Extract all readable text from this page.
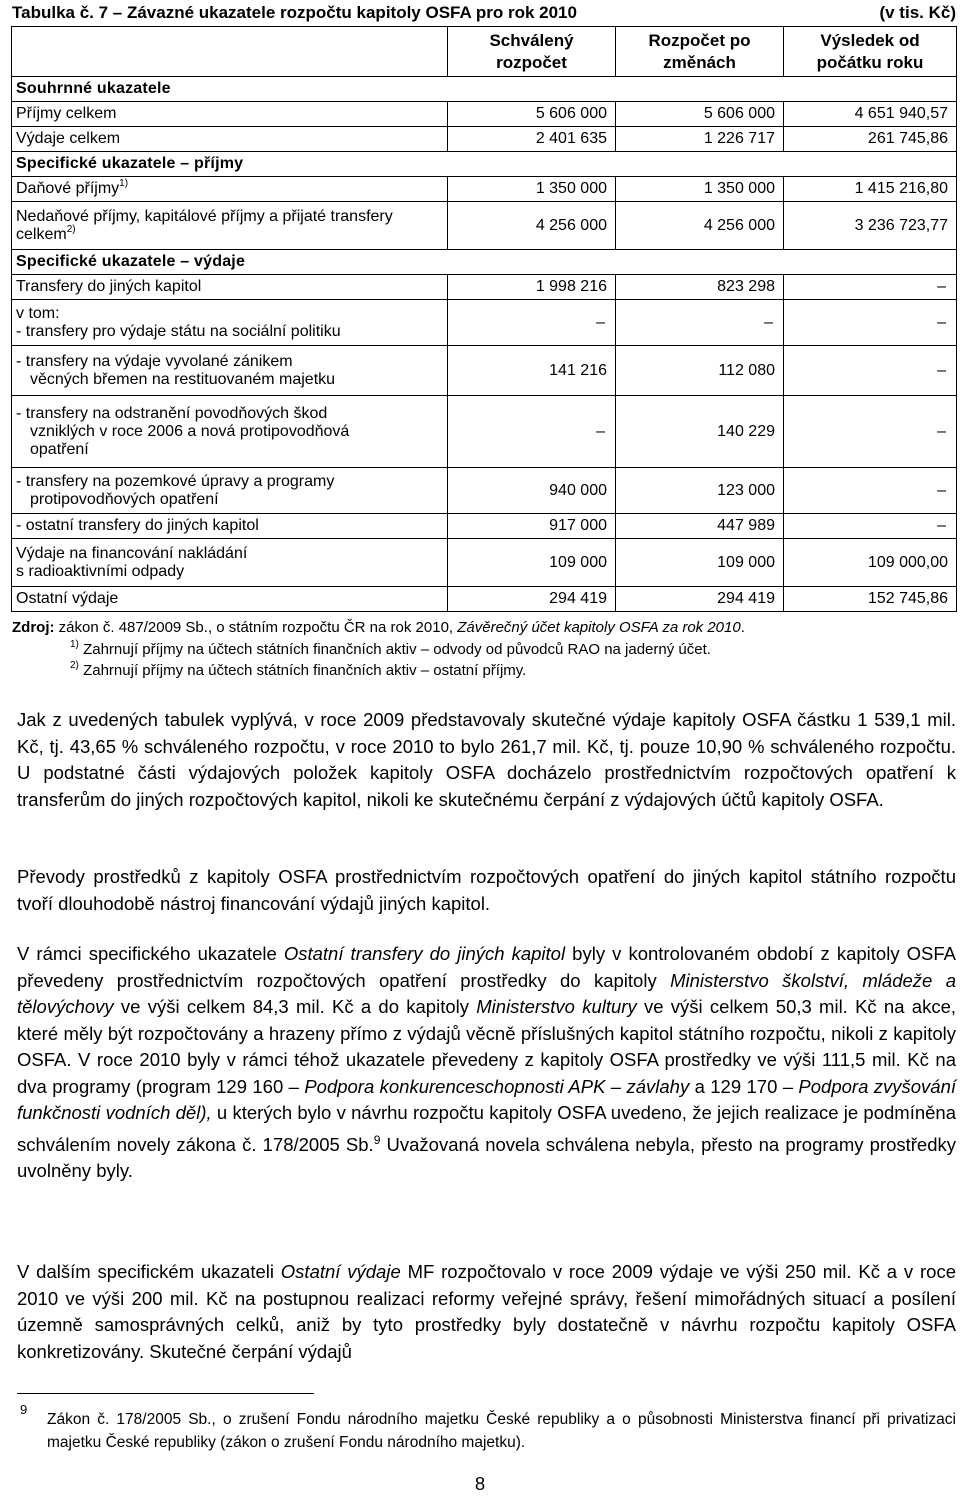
Tabulka č. 7 – Závazné ukazatele rozpočtu kapitoly OSFA pro rok 2010	(v tis. Kč)
	Schválený rozpočet	Rozpočet po změnách	Výsledek od počátku roku
Souhrnné ukazatele			
Příjmy celkem	5 606 000	5 606 000	4 651 940,57
Výdaje celkem	2 401 635	1 226 717	261 745,86
Specifické ukazatele – příjmy			
Daňové příjmy$^{1)}$	1 350 000	1 350 000	1 415 216,80
Nedaňové příjmy, kapitálové příjmy a přijaté transfery celkem$^{2)}$	4 256 000	4 256 000	3 236 723,77
Specifické ukazatele – výdaje			
Transfery do jiných kapitol	1 998 216	823 298	–

v tom:
- transfery pro výdaje státu na sociální politiku	–	–	–

- transfery na výdaje vyvolané zánikem
věcných břemen na restituovaném majetku	141 216	112 080	–

- transfery na odstranění povodňových škod
vzniklých v roce 2006 a nová protipovodňová
opatření	–	140 229	–

- transfery na pozemkové úpravy a programy
protipovodňových opatření	940 000	123 000	–
- ostatní transfery do jiných kapitol	917 000	447 989	–

Výdaje na financování nakládání
s radioaktivními odpady	109 000	109 000	109 000,00
Ostatní výdaje	294 419	294 419	152 745,86
Zdroj: zákon č. 487/2009 Sb., o státním rozpočtu ČR na rok 2010, Závěrečný účet kapitoly OSFA za rok 2010.
$^{1)}$ Zahrnují příjmy na účtech státních finančních aktiv – odvody od původců RAO na jaderný účet.
$^{2)}$ Zahrnují příjmy na účtech státních finančních aktiv – ostatní příjmy.
Jak z uvedených tabulek vyplývá, v roce 2009 představovaly skutečné výdaje kapitoly OSFA částku 1 539,1 mil. Kč, tj. 43,65 % schváleného rozpočtu, v roce 2010 to bylo 261,7 mil. Kč, tj. pouze 10,90 % schváleného rozpočtu. U podstatné části výdajových položek kapitoly OSFA docházelo prostřednictvím rozpočtových opatření k transferům do jiných rozpočtových kapitol, nikoli ke skutečnému čerpání z výdajových účtů kapitoly OSFA.
Převody prostředků z kapitoly OSFA prostřednictvím rozpočtových opatření do jiných kapitol státního rozpočtu tvoří dlouhodobě nástroj financování výdajů jiných kapitol.
V rámci specifického ukazatele Ostatní transfery do jiných kapitol byly v kontrolovaném období z kapitoly OSFA převedeny prostřednictvím rozpočtových opatření prostředky do kapitoly Ministerstvo školství, mládeže a tělovýchovy ve výši celkem 84,3 mil. Kč a do kapitoly Ministerstvo kultury ve výši celkem 50,3 mil. Kč na akce, které měly být rozpočtovány a hrazeny přímo z výdajů věcně příslušných kapitol státního rozpočtu, nikoli z kapitoly OSFA. V roce 2010 byly v rámci téhož ukazatele převedeny z kapitoly OSFA prostředky ve výši 111,5 mil. Kč na dva programy (program 129 160 – Podpora konkurenceschopnosti APK – závlahy a 129 170 – Podpora zvyšování funkčnosti vodních děl), u kterých bylo v návrhu rozpočtu kapitoly OSFA uvedeno, že jejich realizace je podmíněna schválením novely zákona č. 178/2005 Sb.$^9$ Uvažovaná novela schválena nebyla, přesto na programy prostředky uvolněny byly.
V dalším specifickém ukazateli Ostatní výdaje MF rozpočtovalo v roce 2009 výdaje ve výši 250 mil. Kč a v roce 2010 ve výši 200 mil. Kč na postupnou realizaci reformy veřejné správy, řešení mimořádných situací a posílení územně samosprávných celků, aniž by tyto prostředky byly dostatečně v návrhu rozpočtu kapitoly OSFA konkretizovány. Skutečné čerpání výdajů
9
Zákon č. 178/2005 Sb., o zrušení Fondu národního majetku České republiky a o působnosti Ministerstva financí při privatizaci majetku České republiky (zákon o zrušení Fondu národního majetku).
8
